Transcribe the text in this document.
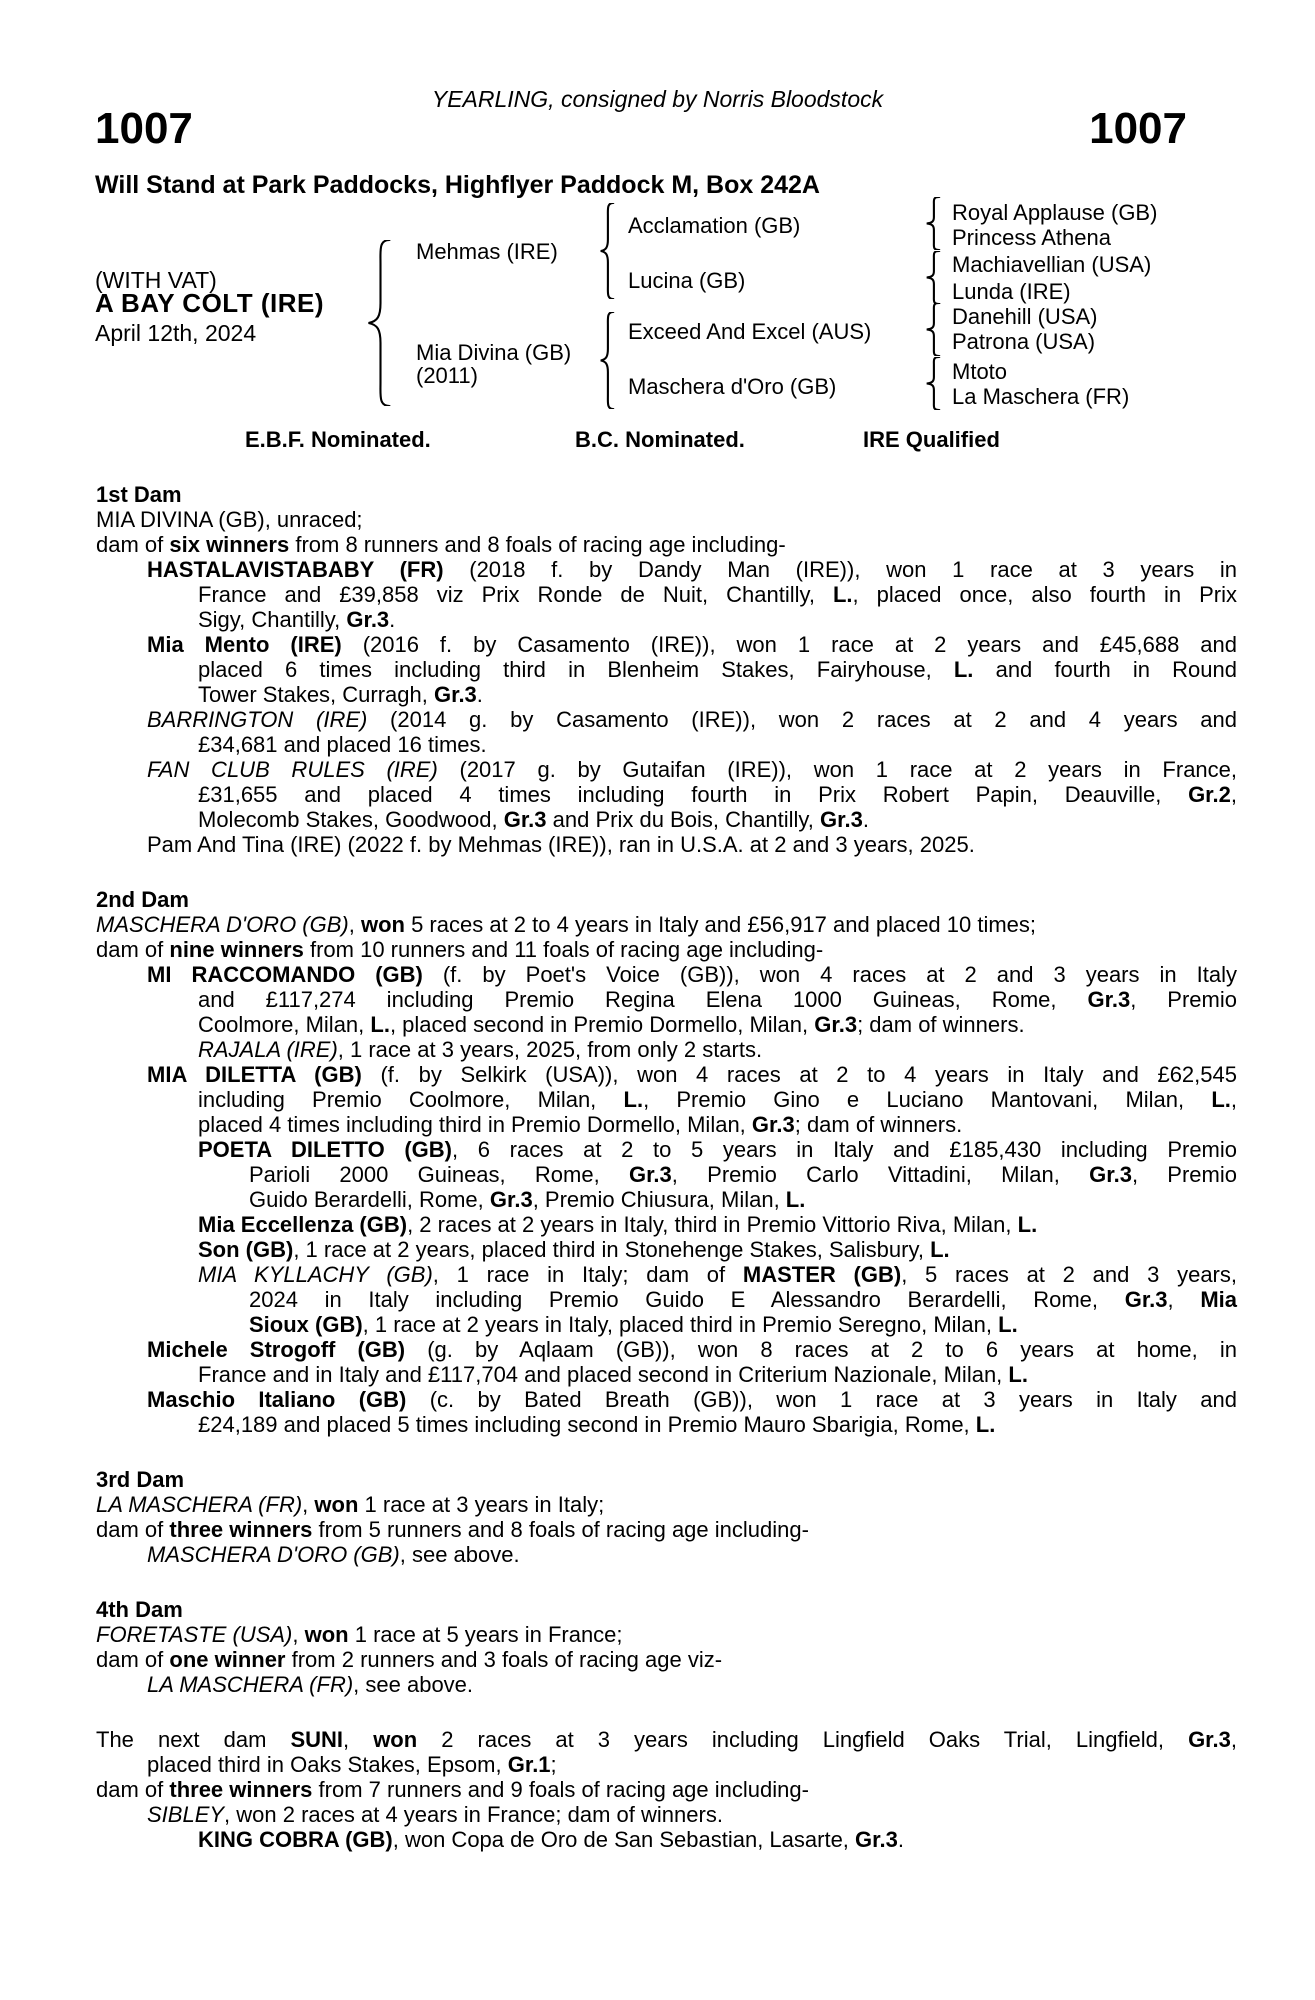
YEARLING, consigned by Norris Bloodstock
1007	1007
Will Stand at Park Paddocks, Highflyer Paddock M, Box 242A
(WITH VAT)
A BAY COLT (IRE)
April 12th, 2024
Mehmas (IRE)
Mia Divina (GB)
(2011)
Acclamation (GB)
Lucina (GB)
Exceed And Excel (AUS)
Maschera d'Oro (GB)
Royal Applause (GB)
Princess Athena
Machiavellian (USA)
Lunda (IRE)
Danehill (USA)
Patrona (USA)
Mtoto
La Maschera (FR)
E.B.F. Nominated.	B.C. Nominated.	IRE Qualified
1st Dam
MIA DIVINA (GB), unraced;
dam of six winners from 8 runners and 8 foals of racing age including-
HASTALAVISTABABY (FR) (2018 f. by Dandy Man (IRE)), won 1 race at 3 years in
France and £39,858 viz Prix Ronde de Nuit, Chantilly, L., placed once, also fourth in Prix
Sigy, Chantilly, Gr.3.
Mia Mento (IRE) (2016 f. by Casamento (IRE)), won 1 race at 2 years and £45,688 and
placed 6 times including third in Blenheim Stakes, Fairyhouse, L. and fourth in Round
Tower Stakes, Curragh, Gr.3.
BARRINGTON (IRE) (2014 g. by Casamento (IRE)), won 2 races at 2 and 4 years and
£34,681 and placed 16 times.
FAN CLUB RULES (IRE) (2017 g. by Gutaifan (IRE)), won 1 race at 2 years in France,
£31,655 and placed 4 times including fourth in Prix Robert Papin, Deauville, Gr.2,
Molecomb Stakes, Goodwood, Gr.3 and Prix du Bois, Chantilly, Gr.3.
Pam And Tina (IRE) (2022 f. by Mehmas (IRE)), ran in U.S.A. at 2 and 3 years, 2025.
2nd Dam
MASCHERA D'ORO (GB), won 5 races at 2 to 4 years in Italy and £56,917 and placed 10 times;
dam of nine winners from 10 runners and 11 foals of racing age including-
MI RACCOMANDO (GB) (f. by Poet's Voice (GB)), won 4 races at 2 and 3 years in Italy
and £117,274 including Premio Regina Elena 1000 Guineas, Rome, Gr.3, Premio
Coolmore, Milan, L., placed second in Premio Dormello, Milan, Gr.3; dam of winners.
RAJALA (IRE), 1 race at 3 years, 2025, from only 2 starts.
MIA DILETTA (GB) (f. by Selkirk (USA)), won 4 races at 2 to 4 years in Italy and £62,545
including Premio Coolmore, Milan, L., Premio Gino e Luciano Mantovani, Milan, L.,
placed 4 times including third in Premio Dormello, Milan, Gr.3; dam of winners.
POETA DILETTO (GB), 6 races at 2 to 5 years in Italy and £185,430 including Premio
Parioli 2000 Guineas, Rome, Gr.3, Premio Carlo Vittadini, Milan, Gr.3, Premio
Guido Berardelli, Rome, Gr.3, Premio Chiusura, Milan, L.
Mia Eccellenza (GB), 2 races at 2 years in Italy, third in Premio Vittorio Riva, Milan, L.
Son (GB), 1 race at 2 years, placed third in Stonehenge Stakes, Salisbury, L.
MIA KYLLACHY (GB), 1 race in Italy; dam of MASTER (GB), 5 races at 2 and 3 years,
2024 in Italy including Premio Guido E Alessandro Berardelli, Rome, Gr.3, Mia
Sioux (GB), 1 race at 2 years in Italy, placed third in Premio Seregno, Milan, L.
Michele Strogoff (GB) (g. by Aqlaam (GB)), won 8 races at 2 to 6 years at home, in
France and in Italy and £117,704 and placed second in Criterium Nazionale, Milan, L.
Maschio Italiano (GB) (c. by Bated Breath (GB)), won 1 race at 3 years in Italy and
£24,189 and placed 5 times including second in Premio Mauro Sbarigia, Rome, L.
3rd Dam
LA MASCHERA (FR), won 1 race at 3 years in Italy;
dam of three winners from 5 runners and 8 foals of racing age including-
MASCHERA D'ORO (GB), see above.
4th Dam
FORETASTE (USA), won 1 race at 5 years in France;
dam of one winner from 2 runners and 3 foals of racing age viz-
LA MASCHERA (FR), see above.
The next dam SUNI, won 2 races at 3 years including Lingfield Oaks Trial, Lingfield, Gr.3,
placed third in Oaks Stakes, Epsom, Gr.1;
dam of three winners from 7 runners and 9 foals of racing age including-
SIBLEY, won 2 races at 4 years in France; dam of winners.
KING COBRA (GB), won Copa de Oro de San Sebastian, Lasarte, Gr.3.
